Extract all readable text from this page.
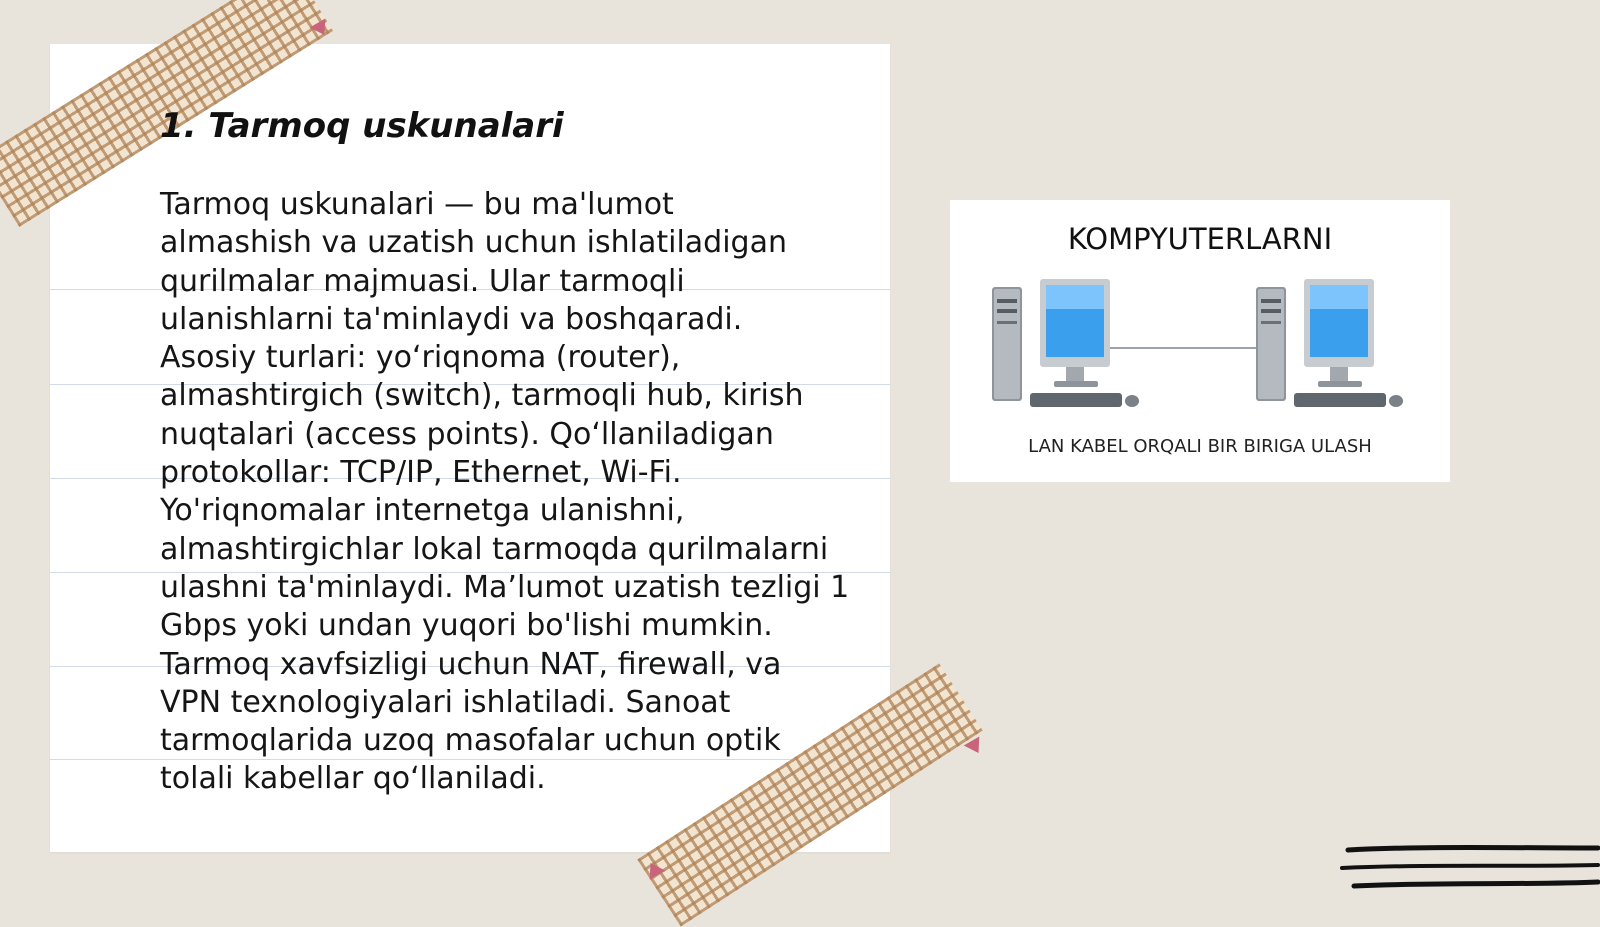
1. Tarmoq uskunalari

Tarmoq uskunalari — bu ma'lumot
almashish va uzatish uchun ishlatiladigan
qurilmalar majmuasi. Ular tarmoqli
ulanishlarni ta'minlaydi va boshqaradi.
Asosiy turlari: yo‘riqnoma (router),
almashtirgich (switch), tarmoqli hub, kirish
nuqtalari (access points). Qo‘llaniladigan
protokollar: TCP/IP, Ethernet, Wi-Fi.
Yo'riqnomalar internetga ulanishni,
almashtirgichlar lokal tarmoqda qurilmalarni
ulashni ta'minlaydi. Ma’lumot uzatish tezligi 1
Gbps yoki undan yuqori bo'lishi mumkin.
Tarmoq xavfsizligi uchun NAT, firewall, va
VPN texnologiyalari ishlatiladi. Sanoat
tarmoqlarida uzoq masofalar uchun optik
tolali kabellar qo‘llaniladi.

KOMPYUTERLARNI
LAN KABEL ORQALI BIR BIRIGA ULASH
